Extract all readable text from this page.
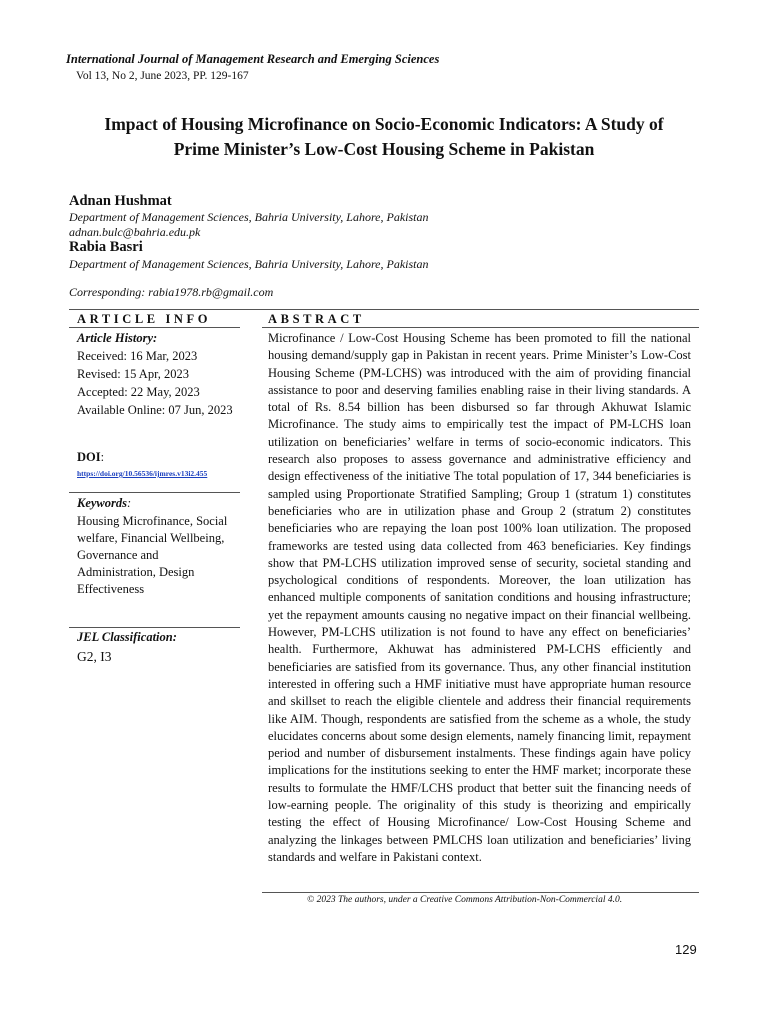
International Journal of Management Research and Emerging Sciences
Vol 13, No 2, June 2023, PP. 129-167
Impact of Housing Microfinance on Socio-Economic Indicators: A Study of
Prime Minister’s Low-Cost Housing Scheme in Pakistan
Adnan Hushmat
Department of Management Sciences, Bahria University, Lahore, Pakistan
adnan.bulc@bahria.edu.pk
Rabia Basri
Department of Management Sciences, Bahria University, Lahore, Pakistan
Corresponding: rabia1978.rb@gmail.com
ARTICLE INFO	ABSTRACT
Article History:
Received: 16 Mar, 2023
Revised: 15 Apr, 2023
Accepted: 22 May, 2023
Available Online: 07 Jun, 2023
DOI:
https://doi.org/10.56536/ijmres.v13i2.455
Keywords:
Housing Microfinance, Social welfare, Financial Wellbeing, Governance and Administration, Design Effectiveness
JEL Classification:
G2, I3
Microfinance / Low-Cost Housing Scheme has been promoted to fill the national housing demand/supply gap in Pakistan in recent years. Prime Minister’s Low-Cost Housing Scheme (PM-LCHS) was introduced with the aim of providing financial assistance to poor and deserving families enabling raise in their living standards. A total of Rs. 8.54 billion has been disbursed so far through Akhuwat Islamic Microfinance. The study aims to empirically test the impact of PM-LCHS loan utilization on beneficiaries’ welfare in terms of socio-economic indicators. This research also proposes to assess governance and administrative efficiency and design effectiveness of the initiative The total population of 17, 344 beneficiaries is sampled using Proportionate Stratified Sampling; Group 1 (stratum 1) constitutes beneficiaries who are in utilization phase and Group 2 (stratum 2) constitutes beneficiaries who are repaying the loan post 100% loan utilization. The proposed frameworks are tested using data collected from 463 beneficiaries. Key findings show that PM-LCHS utilization improved sense of security, societal standing and psychological conditions of respondents. Moreover, the loan utilization has enhanced multiple components of sanitation conditions and housing infrastructure; yet the repayment amounts causing no negative impact on their financial wellbeing. However, PM-LCHS utilization is not found to have any effect on beneficiaries’ health. Furthermore, Akhuwat has administered PM-LCHS efficiently and beneficiaries are satisfied from its governance. Thus, any other financial institution interested in offering such a HMF initiative must have appropriate human resource and skillset to reach the eligible clientele and address their financial requirements like AIM. Though, respondents are satisfied from the scheme as a whole, the study elucidates concerns about some design elements, namely financing limit, repayment period and number of disbursement instalments. These findings again have policy implications for the institutions seeking to enter the HMF market; incorporate these results to formulate the HMF/LCHS product that better suit the financing needs of low-earning people. The originality of this study is theorizing and empirically testing the effect of Housing Microfinance/ Low-Cost Housing Scheme and analyzing the linkages between PMLCHS loan utilization and beneficiaries’ living standards and welfare in Pakistani context.
© 2023 The authors, under a Creative Commons Attribution-Non-Commercial 4.0.
129
